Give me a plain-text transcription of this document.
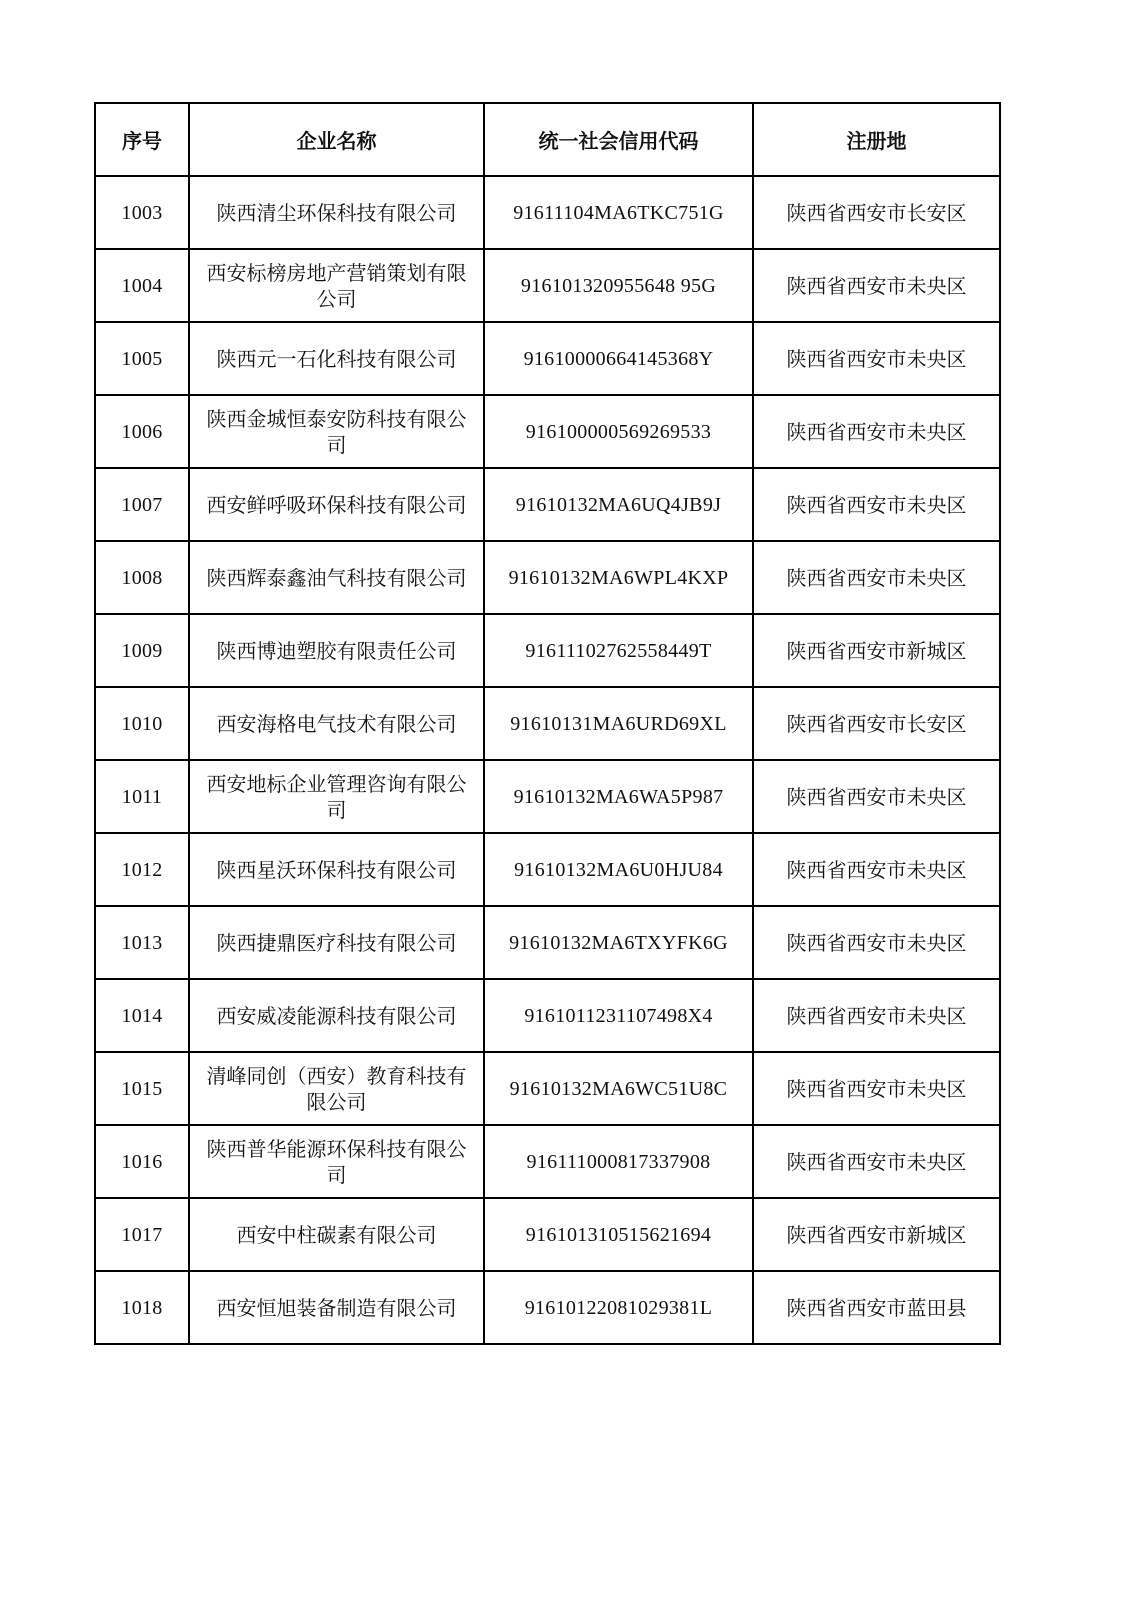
序号	企业名称	统一社会信用代码	注册地
1003	陕西清尘环保科技有限公司	91611104MA6TKC751G	陕西省西安市长安区
1004	西安标榜房地产营销策划有限公司	916101320955648 95G	陕西省西安市未央区
1005	陕西元一石化科技有限公司	91610000664145368Y	陕西省西安市未央区
1006	陕西金城恒泰安防科技有限公司	916100000569269533	陕西省西安市未央区
1007	西安鲜呼吸环保科技有限公司	91610132MA6UQ4JB9J	陕西省西安市未央区
1008	陕西辉泰鑫油气科技有限公司	91610132MA6WPL4KXP	陕西省西安市未央区
1009	陕西博迪塑胶有限责任公司	91611102762558449T	陕西省西安市新城区
1010	西安海格电气技术有限公司	91610131MA6URD69XL	陕西省西安市长安区
1011	西安地标企业管理咨询有限公司	91610132MA6WA5P987	陕西省西安市未央区
1012	陕西星沃环保科技有限公司	91610132MA6U0HJU84	陕西省西安市未央区
1013	陕西捷鼎医疗科技有限公司	91610132MA6TXYFK6G	陕西省西安市未央区
1014	西安威凌能源科技有限公司	9161011231107498X4	陕西省西安市未央区
1015	清峰同创（西安）教育科技有限公司	91610132MA6WC51U8C	陕西省西安市未央区
1016	陕西普华能源环保科技有限公司	916111000817337908	陕西省西安市未央区
1017	西安中柱碳素有限公司	916101310515621694	陕西省西安市新城区
1018	西安恒旭装备制造有限公司	91610122081029381L	陕西省西安市蓝田县
